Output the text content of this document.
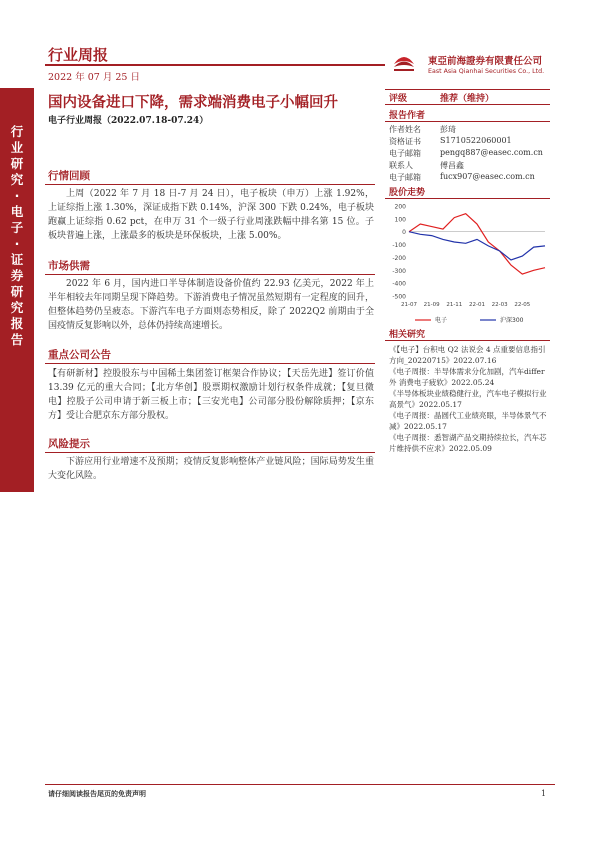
行业研究·电子·证券研究报告
行业周报
2022 年 07 月 25 日
東亞前海證券有限責任公司
East Asia Qianhai Securities Co., Ltd.
国内设备进口下降，需求端消费电子小幅回升
电子行业周报（2022.07.18-07.24）
行情回顾
上周（2022 年 7 月 18 日-7 月 24 日），电子板块（申万）上涨 1.92%，上证综指上涨 1.30%，深证成指下跌 0.14%，沪深 300 下跌 0.24%，电子板块跑赢上证综指 0.62 pct，在申万 31 个一级子行业周涨跌幅中排名第 15 位。子板块普遍上涨，上涨最多的板块是环保板块，上涨 5.00%。
市场供需
2022 年 6 月，国内进口半导体制造设备价值约 22.93 亿美元，2022 年上半年相较去年同期呈现下降趋势。下游消费电子情况虽然短期有一定程度的回升，但整体趋势仍呈疲态。下游汽车电子方面则态势相反，除了 2022Q2 前期由于全国疫情反复影响以外，总体仍持续高速增长。
重点公司公告
【有研新材】控股股东与中国稀土集团签订框架合作协议；【天岳先进】签订价值 13.39 亿元的重大合同；【北方华创】股票期权激励计划行权条件成就；【复旦微电】控股子公司申请于新三板上市；【三安光电】公司部分股份解除质押；【京东方】受让合肥京东方部分股权。
风险提示
下游应用行业增速不及预期；疫情反复影响整体产业链风险；国际局势发生重大变化风险。
评级	推荐（维持）
报告作者
作者姓名 彭琦
资格证书 S1710522060001
电子邮箱 pengq887@easec.com.cn
联系人	傅昌鑫
电子邮箱 fucx907@easec.com.cn
股价走势
200
100
0
-100
-200
-300
-400
-500
21-07 21-09 21-11 22-01 22-03 22-05
电子	沪深300
相关研究
《【电子】台积电 Q2 法说会 4 点重要信息指引方向_20220715》2022.07.16
《电子周报：半导体需求分化加剧，汽车differ外 消费电子疲软》2022.05.24
《半导体板块业绩稳健行业，汽车电子模拟行业高景气》2022.05.17
《电子周报：晶圆代工业绩亮眼，半导体景气不减》2022.05.17
《电子周报：悉智湖产品交期持续拉长，汽车芯片维持供不应求》2022.05.09
请仔细阅读报告尾页的免责声明	1
